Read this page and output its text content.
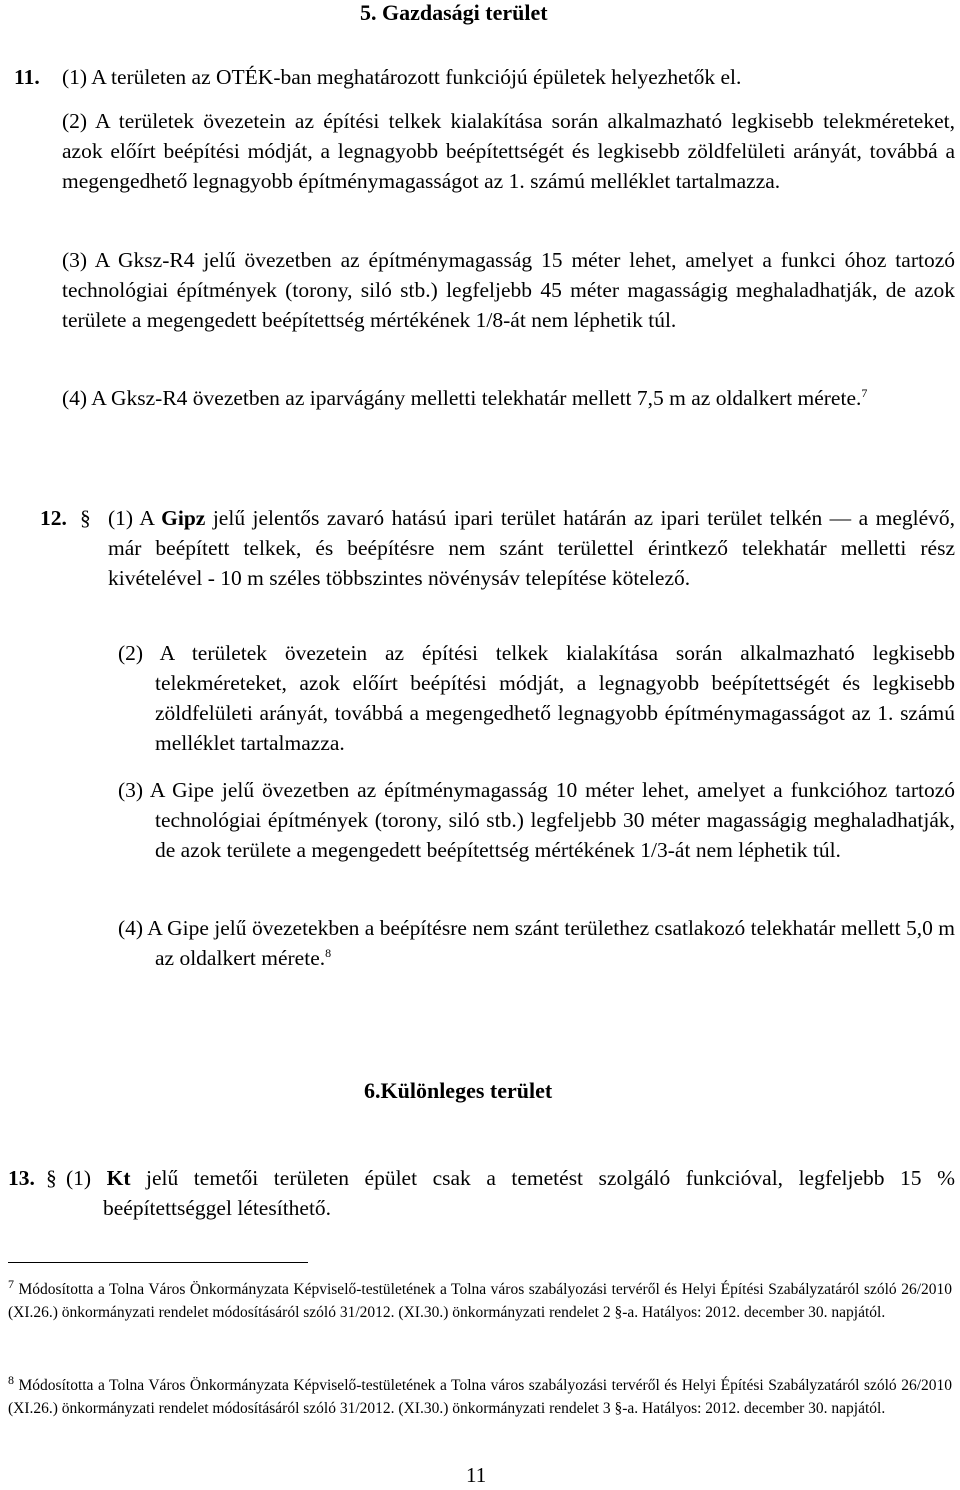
5. Gazdasági terület
11. (1) A területen az OTÉK-ban meghatározott funkciójú épületek helyezhetők el.
(2) A területek övezetein az építési telkek kialakítása során alkalmazható legkisebb telekméreteket, azok előírt beépítési módját, a legnagyobb beépítettségét és legkisebb zöldfelületi arányát, továbbá a megengedhető legnagyobb építménymagasságot az 1. számú melléklet tartalmazza.
(3) A Gksz-R4 jelű övezetben az építménymagasság 15 méter lehet, amelyet a funkci óhoz tartozó technológiai építmények (torony, siló stb.) legfeljebb 45 méter magasságig meghaladhatják, de azok területe a megengedett beépítettség mértékének 1/8-át nem léphetik túl.
(4) A Gksz-R4 övezetben az iparvágány melletti telekhatár mellett 7,5 m az oldalkert mérete.$^7$
12. § (1) A Gipz jelű jelentős zavaró hatású ipari terület határán az ipari terület telkén — a meglévő, már beépített telkek, és beépítésre nem szánt területtel érintkező telekhatár melletti rész kivételével - 10 m széles többszintes növénysáv telepítése kötelező.
(2) A területek övezetein az építési telkek kialakítása során alkalmazható legkisebb telekméreteket, azok előírt beépítési módját, a legnagyobb beépítettségét és legkisebb zöldfelületi arányát, továbbá a megengedhető legnagyobb építménymagasságot az 1. számú melléklet tartalmazza.
(3) A Gipe jelű övezetben az építménymagasság 10 méter lehet, amelyet a funkcióhoz tartozó technológiai építmények (torony, siló stb.) legfeljebb 30 méter magasságig meghaladhatják, de azok területe a megengedett beépítettség mértékének 1/3-át nem léphetik túl.
(4) A Gipe jelű övezetekben a beépítésre nem szánt területhez csatlakozó telekhatár mellett 5,0 m az oldalkert mérete.$^8$
6.Különleges terület
13. § (1) Kt jelű temetői területen épület csak a temetést szolgáló funkcióval, legfeljebb 15 % beépítettséggel létesíthető.
$^7$ Módosította a Tolna Város Önkormányzata Képviselő-testületének a Tolna város szabályozási tervéről és Helyi Építési Szabályzatáról szóló 26/2010 (XI.26.) önkormányzati rendelet módosításáról szóló 31/2012. (XI.30.) önkormányzati rendelet 2 §-a. Hatályos: 2012. december 30. napjától.
$^8$ Módosította a Tolna Város Önkormányzata Képviselő-testületének a Tolna város szabályozási tervéről és Helyi Építési Szabályzatáról szóló 26/2010 (XI.26.) önkormányzati rendelet módosításáról szóló 31/2012. (XI.30.) önkormányzati rendelet 3 §-a. Hatályos: 2012. december 30. napjától.
11
